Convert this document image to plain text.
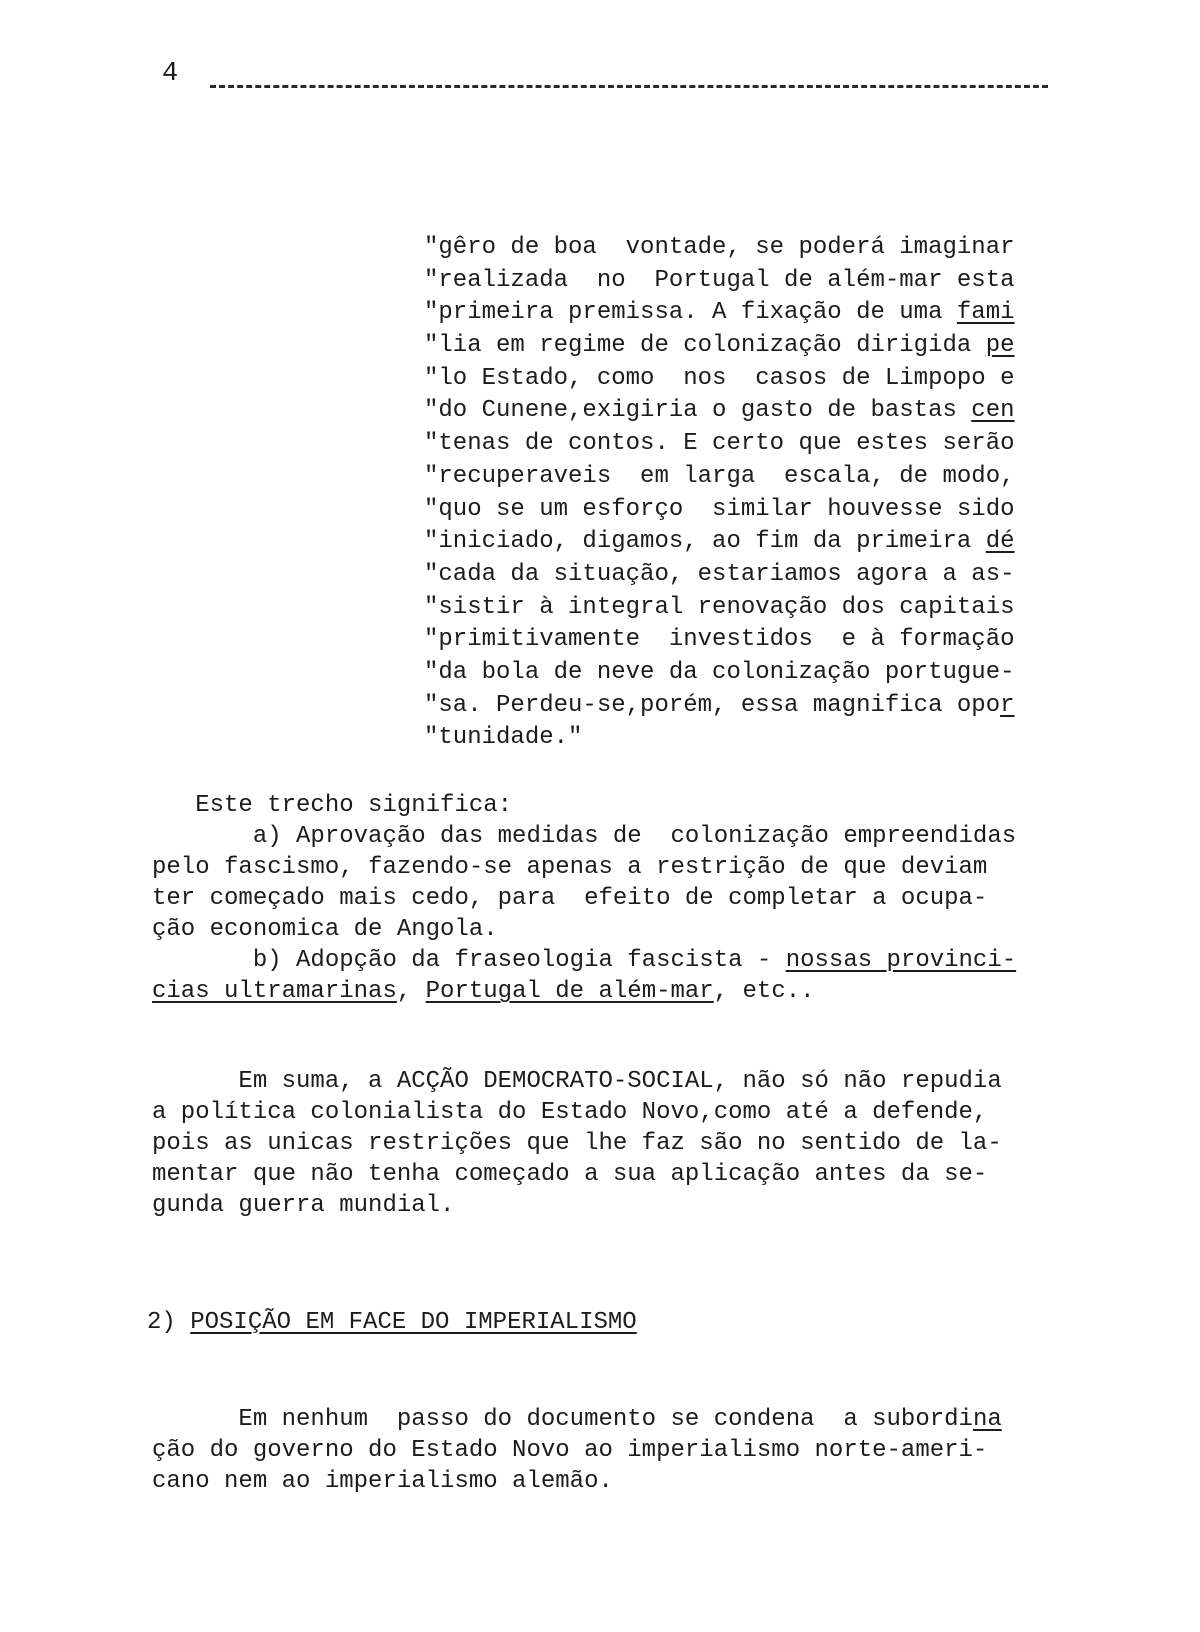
4
"gêro de boa  vontade, se poderá imaginar
"realizada  no  Portugal de além-mar esta
"primeira premissa. A fixação de uma fami
"lia em regime de colonização dirigida pe
"lo Estado, como  nos  casos de Limpopo e
"do Cunene,exigiria o gasto de bastas cen
"tenas de contos. E certo que estes serão
"recuperaveis  em larga  escala, de modo,
"quo se um esforço  similar houvesse sido
"iniciado, digamos, ao fim da primeira dé
"cada da situação, estariamos agora a as-
"sistir à integral renovação dos capitais
"primitivamente  investidos  e à formação
"da bola de neve da colonização portugue-
"sa. Perdeu-se,porém, essa magnifica opor
"tunidade."
Este trecho significa:
a) Aprovação das medidas de  colonização empreendidas
pelo fascismo, fazendo-se apenas a restrição de que deviam
ter começado mais cedo, para  efeito de completar a ocupa-
ção economica de Angola.
b) Adopção da fraseologia fascista - nossas provinci-
cias ultramarinas, Portugal de além-mar, etc..
Em suma, a ACÇÃO DEMOCRATO-SOCIAL, não só não repudia
a política colonialista do Estado Novo,como até a defende,
pois as unicas restrições que lhe faz são no sentido de la-
mentar que não tenha começado a sua aplicação antes da se-
gunda guerra mundial.
2) POSIÇÃO EM FACE DO IMPERIALISMO
Em nenhum  passo do documento se condena  a subordina
ção do governo do Estado Novo ao imperialismo norte-ameri-
cano nem ao imperialismo alemão.
